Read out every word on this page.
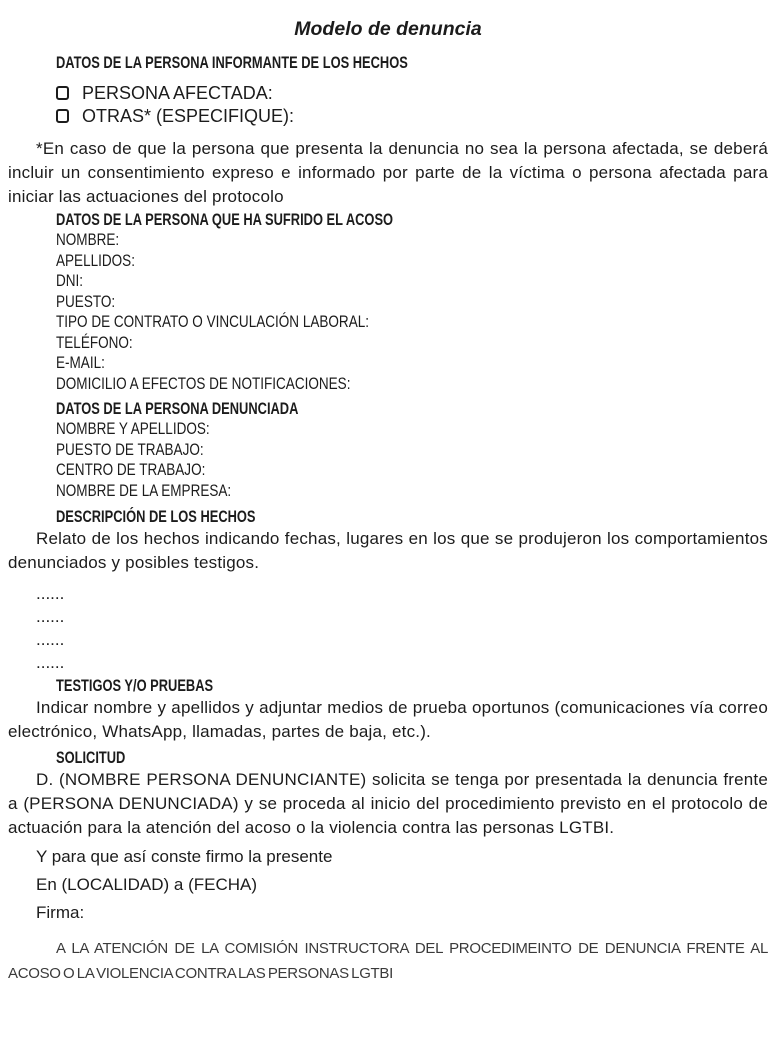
Modelo de denuncia
DATOS DE LA PERSONA INFORMANTE DE LOS HECHOS
PERSONA AFECTADA:
OTRAS* (ESPECIFIQUE):

*En caso de que la persona que presenta la denuncia no sea la persona afectada, se deberá incluir un consentimiento expreso e informado por parte de la víctima o persona afectada para iniciar las actuaciones del protocolo

DATOS DE LA PERSONA QUE HA SUFRIDO EL ACOSO
NOMBRE:
APELLIDOS:
DNI:
PUESTO:
TIPO DE CONTRATO O VINCULACIÓN LABORAL:
TELÉFONO:
E-MAIL:
DOMICILIO A EFECTOS DE NOTIFICACIONES:
DATOS DE LA PERSONA DENUNCIADA
NOMBRE Y APELLIDOS:
PUESTO DE TRABAJO:
CENTRO DE TRABAJO:
NOMBRE DE LA EMPRESA:
DESCRIPCIÓN DE LOS HECHOS

Relato de los hechos indicando fechas, lugares en los que se produjeron los comportamientos denunciados y posibles testigos.

......
......
......
......
TESTIGOS Y/O PRUEBAS

Indicar nombre y apellidos y adjuntar medios de prueba oportunos (comunicaciones vía correo electrónico, WhatsApp, llamadas, partes de baja, etc.).

SOLICITUD

D. (NOMBRE PERSONA DENUNCIANTE) solicita se tenga por presentada la denuncia frente a (PERSONA DENUNCIADA) y se proceda al inicio del procedimiento previsto en el protocolo de actuación para la atención del acoso o la violencia contra las personas LGTBI.

Y para que así conste firmo la presente
En (LOCALIDAD) a (FECHA)
Firma:

A LA ATENCIÓN DE LA COMISIÓN INSTRUCTORA DEL PROCEDIMEINTO DE DENUNCIA FRENTE AL ACOSO O LA VIOLENCIA CONTRA LAS PERSONAS LGTBI
